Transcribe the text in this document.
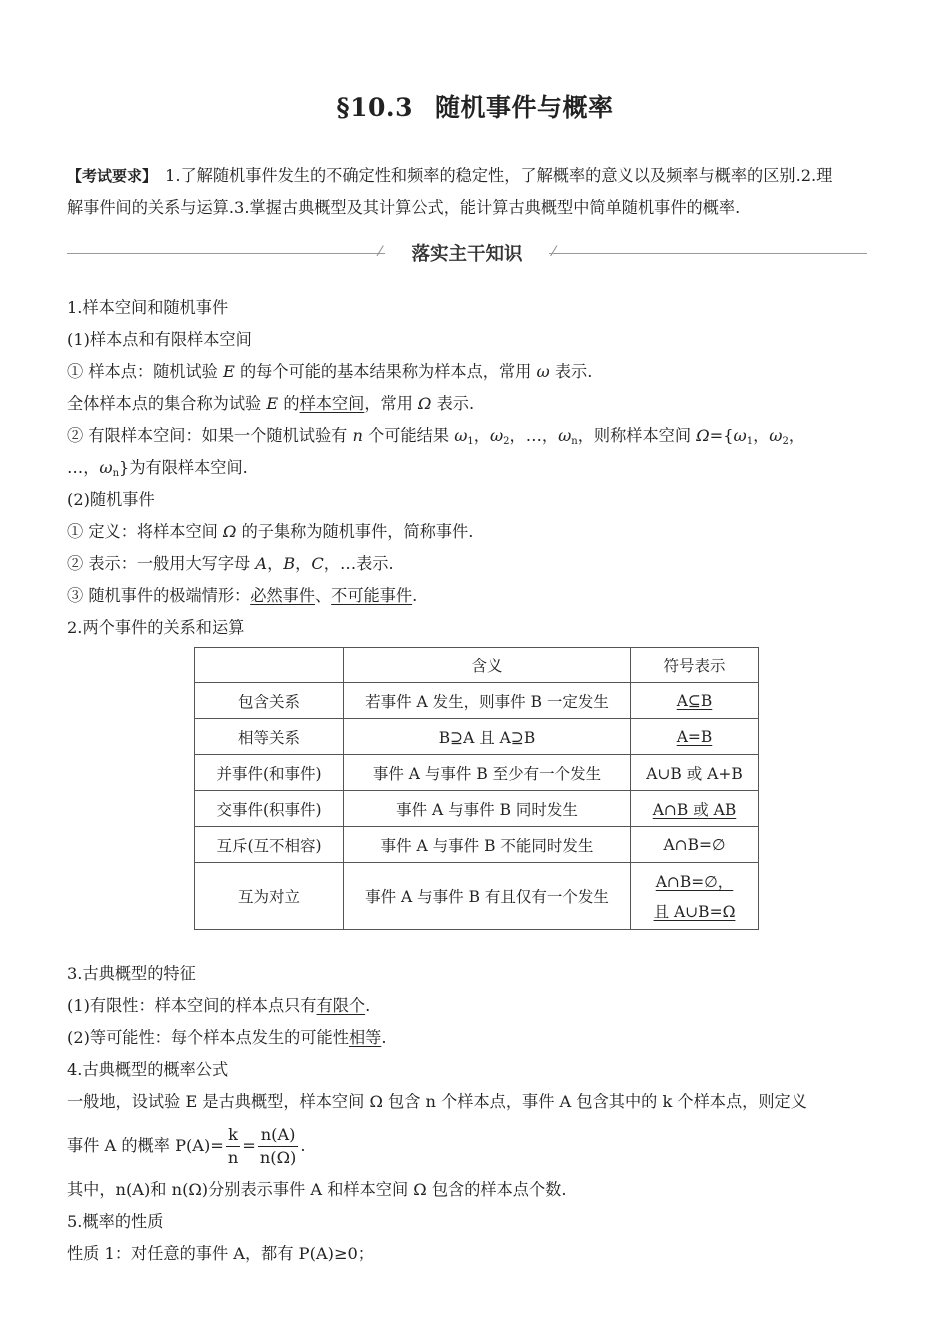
§10.3 随机事件与概率
【考试要求】 1.了解随机事件发生的不确定性和频率的稳定性，了解概率的意义以及频率与概率的区别.2.理
解事件间的关系与运算.3.掌握古典概型及其计算公式，能计算古典概型中简单随机事件的概率.
⁄	落实主干知识	⁄
1.样本空间和随机事件
(1)样本点和有限样本空间
① 样本点：随机试验 E 的每个可能的基本结果称为样本点，常用 ω 表示.
全体样本点的集合称为试验 E 的样本空间，常用 Ω 表示.
② 有限样本空间：如果一个随机试验有 n 个可能结果 $\omega_1$，$\omega_2$，…，$\omega_n$，则称样本空间 $\Omega=\{\omega_1$，$\omega_2$，
…，$\omega_n$}为有限样本空间.
(2)随机事件
① 定义：将样本空间 Ω 的子集称为随机事件，简称事件.
② 表示：一般用大写字母 A，B，C，…表示.
③ 随机事件的极端情形：必然事件、不可能事件.
2.两个事件的关系和运算
	含义	符号表示
包含关系	若事件 A 发生，则事件 B 一定发生	A⊆B
相等关系	B⊇A 且 A⊇B	A=B
并事件(和事件)	事件 A 与事件 B 至少有一个发生	A∪B 或 A+B
交事件(积事件)	事件 A 与事件 B 同时发生	A∩B 或 AB
互斥(互不相容)	事件 A 与事件 B 不能同时发生	A∩B=∅
互为对立	事件 A 与事件 B 有且仅有一个发生	A∩B=∅，
且 A∪B=Ω
3.古典概型的特征
(1)有限性：样本空间的样本点只有有限个.
(2)等可能性：每个样本点发生的可能性相等.
4.古典概型的概率公式
一般地，设试验 E 是古典概型，样本空间 Ω 包含 n 个样本点，事件 A 包含其中的 k 个样本点，则定义
事件 A 的概率 $P(A)= \frac{k}{n} = \frac{n(A)}{n(\Omega)}$ .
其中，n(A)和 n(Ω)分别表示事件 A 和样本空间 Ω 包含的样本点个数.
5.概率的性质
性质 1：对任意的事件 A，都有 P(A)≥0；
